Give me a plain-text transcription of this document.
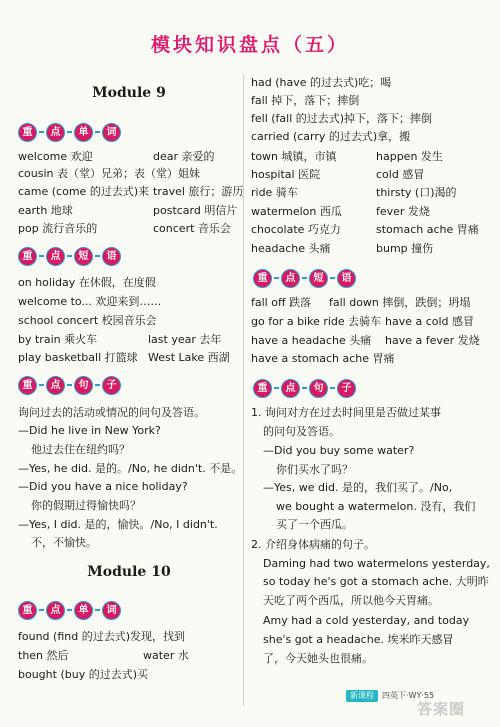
模块知识盘点（五）
Module 9
重	点	单	词
welcome 欢迎	dear 亲爱的
cousin 表（堂）兄弟；表（堂）姐妹
came (come 的过去式)来 travel 旅行；游历
earth 地球	postcard 明信片
pop 流行音乐的	concert 音乐会
重	点	短	语
on holiday 在休假，在度假
welcome to... 欢迎来到……
school concert 校园音乐会
by train 乘火车	last year 去年
play basketball 打篮球 West Lake 西湖
重	点	句	子
询问过去的活动或情况的问句及答语。
—Did he live in New York?
他过去住在纽约吗？
—Yes, he did. 是的。/No, he didn't. 不是。
—Did you have a nice holiday?
你的假期过得愉快吗？
—Yes, I did. 是的，愉快。/No, I didn't.
不，不愉快。
Module 10
重	点	单	词
found (find 的过去式)发现，找到
then 然后	water 水
bought (buy 的过去式)买
had (have 的过去式)吃；喝
fall 掉下，落下；摔倒
fell (fall 的过去式)掉下，落下；摔倒
carried (carry 的过去式)拿，搬
town 城镇，市镇	happen 发生
hospital 医院	cold 感冒
ride 骑车	thirsty (口)渴的
watermelon 西瓜	fever 发烧
chocolate 巧克力	stomach ache 胃痛
headache 头痛	bump 撞伤
重	点	短	语
fall off 跌落 fall down 摔倒，跌倒；坍塌
go for a bike ride 去骑车 have a cold 感冒
have a headache 头痛 have a fever 发烧
have a stomach ache 胃痛
重	点	句	子
1. 询问对方在过去时间里是否做过某事
的问句及答语。
—Did you buy some water?
你们买水了吗？
—Yes, we did. 是的，我们买了。/No,
we bought a watermelon. 没有，我们
买了一个西瓜。
2. 介绍身体病痛的句子。
Daming had two watermelons yesterday,
so today he's got a stomach ache. 大明昨
天吃了两个西瓜，所以他今天胃痛。
Amy had a cold yesterday, and today
she's got a headache. 埃米昨天感冒
了，今天她头也很痛。
新课程	四英下 ·WY ·55
答案圈
